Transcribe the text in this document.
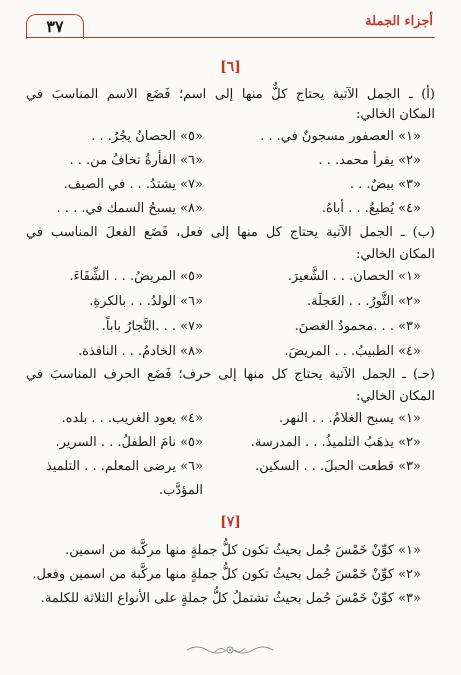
٣٧	أجزاء الجملة
[٦]
(أ) ـ الجمل الآتية يحتاج كلٌّ منها إلى اسم؛ فَضَع الاسم المناسبَ في
المكان الخالي:
«١» العصفور مسجونٌ في. . .
«٥» الحصانُ يجُرُ. . .
«٢» يقرأ محمد. . .
«٦» الفأرةُ تخافُ من. . .
«٣» بيضٌ. . .
«٧» يشتدُ. . . في الصيف.
«٤» يُطيعُ. . . أباهُ.
«٨» يسبحُ السمك في. . . .
(ب) ـ الجمل الآتية يحتاج كل منها إلى فعل، فَضَع الفعلَ المناسب في
المكان الخالي:
«١» الحصان. . . الشَّعيرَ.
«٥» المريضُ. . . الشِّفَاءَ.
«٢» الثَّورُ. . . العَجلَة.
«٦» الولدُ. . . بالكرةِ.
«٣» . . .محمودٌ الغصنَ.
«٧» . . .النَّجارُ باباً.
«٤» الطبيبُ. . . المريضَ.
«٨» الخادمُ. . . النافذة.
(حـ) ـ الجمل الآتية يحتاج كل منها إلى حرف؛ فَضَع الحرف المناسبَ في
المكان الخالي:
«١» يسبح الغلامُ. . . النهر.
«٤» يعود الغريب. . . بلده.
«٢» يذهَبُ التلميذُ. . . المدرسة.
«٥» نامَ الطفلُ. . . السرير.
«٣» قطعت الحبلَ. . . السكين.
«٦» يرضى المعلم. . . التلميذ
المؤدَّب.
[٧]
«١» كوِّنْ خَمْسَ جُمل بحيثُ تكون كلُّ جملةٍ منها مركَّبة من اسمين.
«٢» كوِّنْ خَمْسَ جُمل بحيثُ تكون كلُّ جملةٍ منها مركَّبة من اسمين وفعل.
«٣» كوِّنْ خَمْسَ جُمل بحيثُ تشتملُ كلُّ جملةٍ على الأنواع الثلاثة للكلمة.
